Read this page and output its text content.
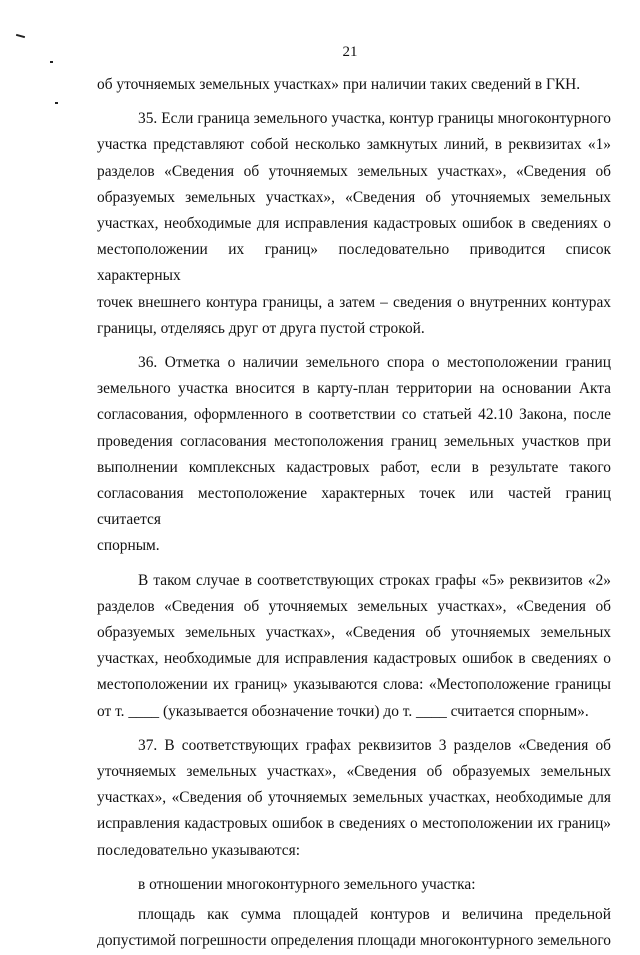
21

об уточняемых земельных участках» при наличии таких сведений в ГКН.

35. Если граница земельного участка, контур границы многоконтурного

участка представляют собой несколько замкнутых линий, в реквизитах «1»

разделов «Сведения об уточняемых земельных участках», «Сведения об

образуемых земельных участках», «Сведения об уточняемых земельных

участках, необходимые для исправления кадастровых ошибок в сведениях о

местоположении их границ» последовательно приводится список характерных

точек внешнего контура границы, а затем – сведения о внутренних контурах

границы, отделяясь друг от друга пустой строкой.

36. Отметка о наличии земельного спора о местоположении границ

земельного участка вносится в карту-план территории на основании Акта

согласования, оформленного в соответствии со статьей 42.10 Закона, после

проведения согласования местоположения границ земельных участков при

выполнении комплексных кадастровых работ, если в результате такого

согласования местоположение характерных точек или частей границ считается

спорным.

В таком случае в соответствующих строках графы «5» реквизитов «2»

разделов «Сведения об уточняемых земельных участках», «Сведения об

образуемых земельных участках», «Сведения об уточняемых земельных

участках, необходимые для исправления кадастровых ошибок в сведениях о

местоположении их границ» указываются слова: «Местоположение границы

от т. ____ (указывается обозначение точки) до т. ____ считается спорным».

37. В соответствующих графах реквизитов 3 разделов «Сведения об

уточняемых земельных участках», «Сведения об образуемых земельных

участках», «Сведения об уточняемых земельных участках, необходимые для

исправления кадастровых ошибок в сведениях о местоположении их границ»

последовательно указываются:

в отношении многоконтурного земельного участка:

площадь как сумма площадей контуров и величина предельной

допустимой погрешности определения площади многоконтурного земельного
